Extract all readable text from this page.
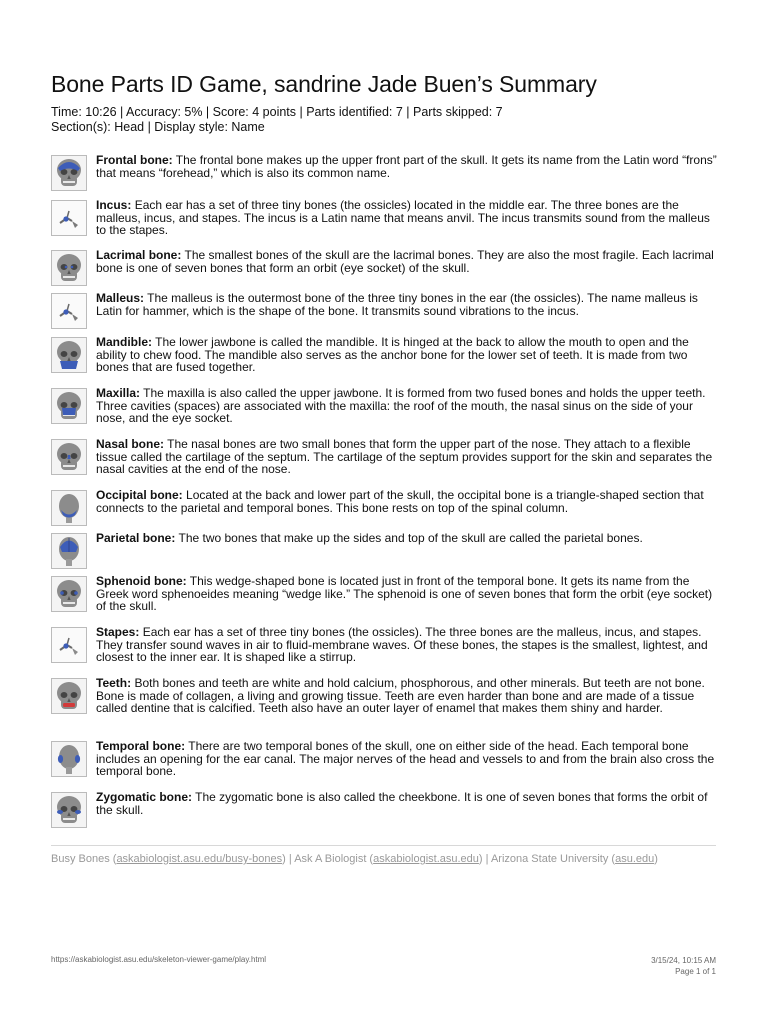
Bone Parts ID Game, sandrine Jade Buen’s Summary
Time: 10:26 | Accuracy: 5% | Score: 4 points | Parts identified: 7 | Parts skipped: 7
Section(s): Head | Display style: Name
Frontal bone: The frontal bone makes up the upper front part of the skull. It gets its name from the Latin word “frons” that means “forehead,” which is also its common name.
Incus: Each ear has a set of three tiny bones (the ossicles) located in the middle ear. The three bones are the malleus, incus, and stapes. The incus is a Latin name that means anvil. The incus transmits sound from the malleus to the stapes.
Lacrimal bone: The smallest bones of the skull are the lacrimal bones. They are also the most fragile. Each lacrimal bone is one of seven bones that form an orbit (eye socket) of the skull.
Malleus: The malleus is the outermost bone of the three tiny bones in the ear (the ossicles). The name malleus is Latin for hammer, which is the shape of the bone. It transmits sound vibrations to the incus.
Mandible: The lower jawbone is called the mandible. It is hinged at the back to allow the mouth to open and the ability to chew food. The mandible also serves as the anchor bone for the lower set of teeth. It is made from two bones that are fused together.
Maxilla: The maxilla is also called the upper jawbone. It is formed from two fused bones and holds the upper teeth. Three cavities (spaces) are associated with the maxilla: the roof of the mouth, the nasal sinus on the side of your nose, and the eye socket.
Nasal bone: The nasal bones are two small bones that form the upper part of the nose. They attach to a flexible tissue called the cartilage of the septum. The cartilage of the septum provides support for the skin and separates the nasal cavities at the end of the nose.
Occipital bone: Located at the back and lower part of the skull, the occipital bone is a triangle-shaped section that connects to the parietal and temporal bones. This bone rests on top of the spinal column.
Parietal bone: The two bones that make up the sides and top of the skull are called the parietal bones.
Sphenoid bone: This wedge-shaped bone is located just in front of the temporal bone. It gets its name from the Greek word sphenoeides meaning “wedge like.” The sphenoid is one of seven bones that form the orbit (eye socket) of the skull.
Stapes: Each ear has a set of three tiny bones (the ossicles). The three bones are the malleus, incus, and stapes. They transfer sound waves in air to fluid-membrane waves. Of these bones, the stapes is the smallest, lightest, and closest to the inner ear. It is shaped like a stirrup.
Teeth: Both bones and teeth are white and hold calcium, phosphorous, and other minerals. But teeth are not bone. Bone is made of collagen, a living and growing tissue. Teeth are even harder than bone and are made of a tissue called dentine that is calcified. Teeth also have an outer layer of enamel that makes them shiny and harder.
Temporal bone: There are two temporal bones of the skull, one on either side of the head. Each temporal bone includes an opening for the ear canal. The major nerves of the head and vessels to and from the brain also cross the temporal bone.
Zygomatic bone: The zygomatic bone is also called the cheekbone. It is one of seven bones that forms the orbit of the skull.
Busy Bones (askabiologist.asu.edu/busy-bones) | Ask A Biologist (askabiologist.asu.edu) | Arizona State University (asu.edu)
https://askabiologist.asu.edu/skeleton-viewer-game/play.html	3/15/24, 10:15 AM
Page 1 of 1
